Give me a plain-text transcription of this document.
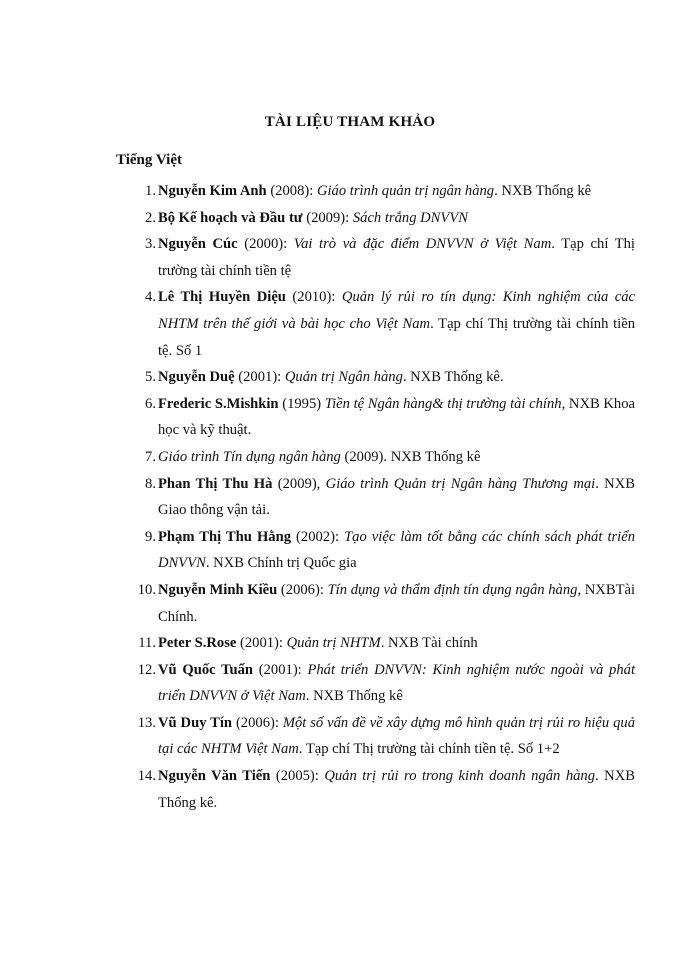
TÀI LIỆU THAM KHẢO
Tiếng Việt
1. Nguyễn Kim Anh (2008): Giáo trình quản trị ngân hàng. NXB Thống kê
2. Bộ Kế hoạch và Đầu tư (2009): Sách trắng DNVVN
3. Nguyễn Cúc (2000): Vai trò và đặc điểm DNVVN ở Việt Nam. Tạp chí Thị trường tài chính tiền tệ
4. Lê Thị Huyền Diệu (2010): Quản lý rủi ro tín dụng: Kinh nghiệm của các NHTM trên thế giới và bài học cho Việt Nam. Tạp chí Thị trường tài chính tiền tệ. Số 1
5. Nguyễn Duệ (2001): Quản trị Ngân hàng. NXB Thống kê.
6. Frederic S.Mishkin (1995) Tiền tệ Ngân hàng& thị trường tài chính, NXB Khoa học và kỹ thuật.
7. Giáo trình Tín dụng ngân hàng (2009). NXB Thống kê
8. Phan Thị Thu Hà (2009), Giáo trình Quản trị Ngân hàng Thương mại. NXB Giao thông vận tải.
9. Phạm Thị Thu Hằng (2002): Tạo việc làm tốt bằng các chính sách phát triển DNVVN. NXB Chính trị Quốc gia
10. Nguyễn Minh Kiều (2006): Tín dụng và thẩm định tín dụng ngân hàng, NXBTài Chính.
11. Peter S.Rose (2001): Quản trị NHTM. NXB Tài chính
12. Vũ Quốc Tuấn (2001): Phát triển DNVVN: Kinh nghiệm nước ngoài và phát triển DNVVN ở Việt Nam. NXB Thống kê
13. Vũ Duy Tín (2006): Một số vấn đề về xây dựng mô hình quản trị rủi ro hiệu quả tại các NHTM Việt Nam. Tạp chí Thị trường tài chính tiền tệ. Số 1+2
14. Nguyễn Văn Tiến (2005): Quản trị rủi ro trong kinh doanh ngân hàng. NXB Thống kê.
